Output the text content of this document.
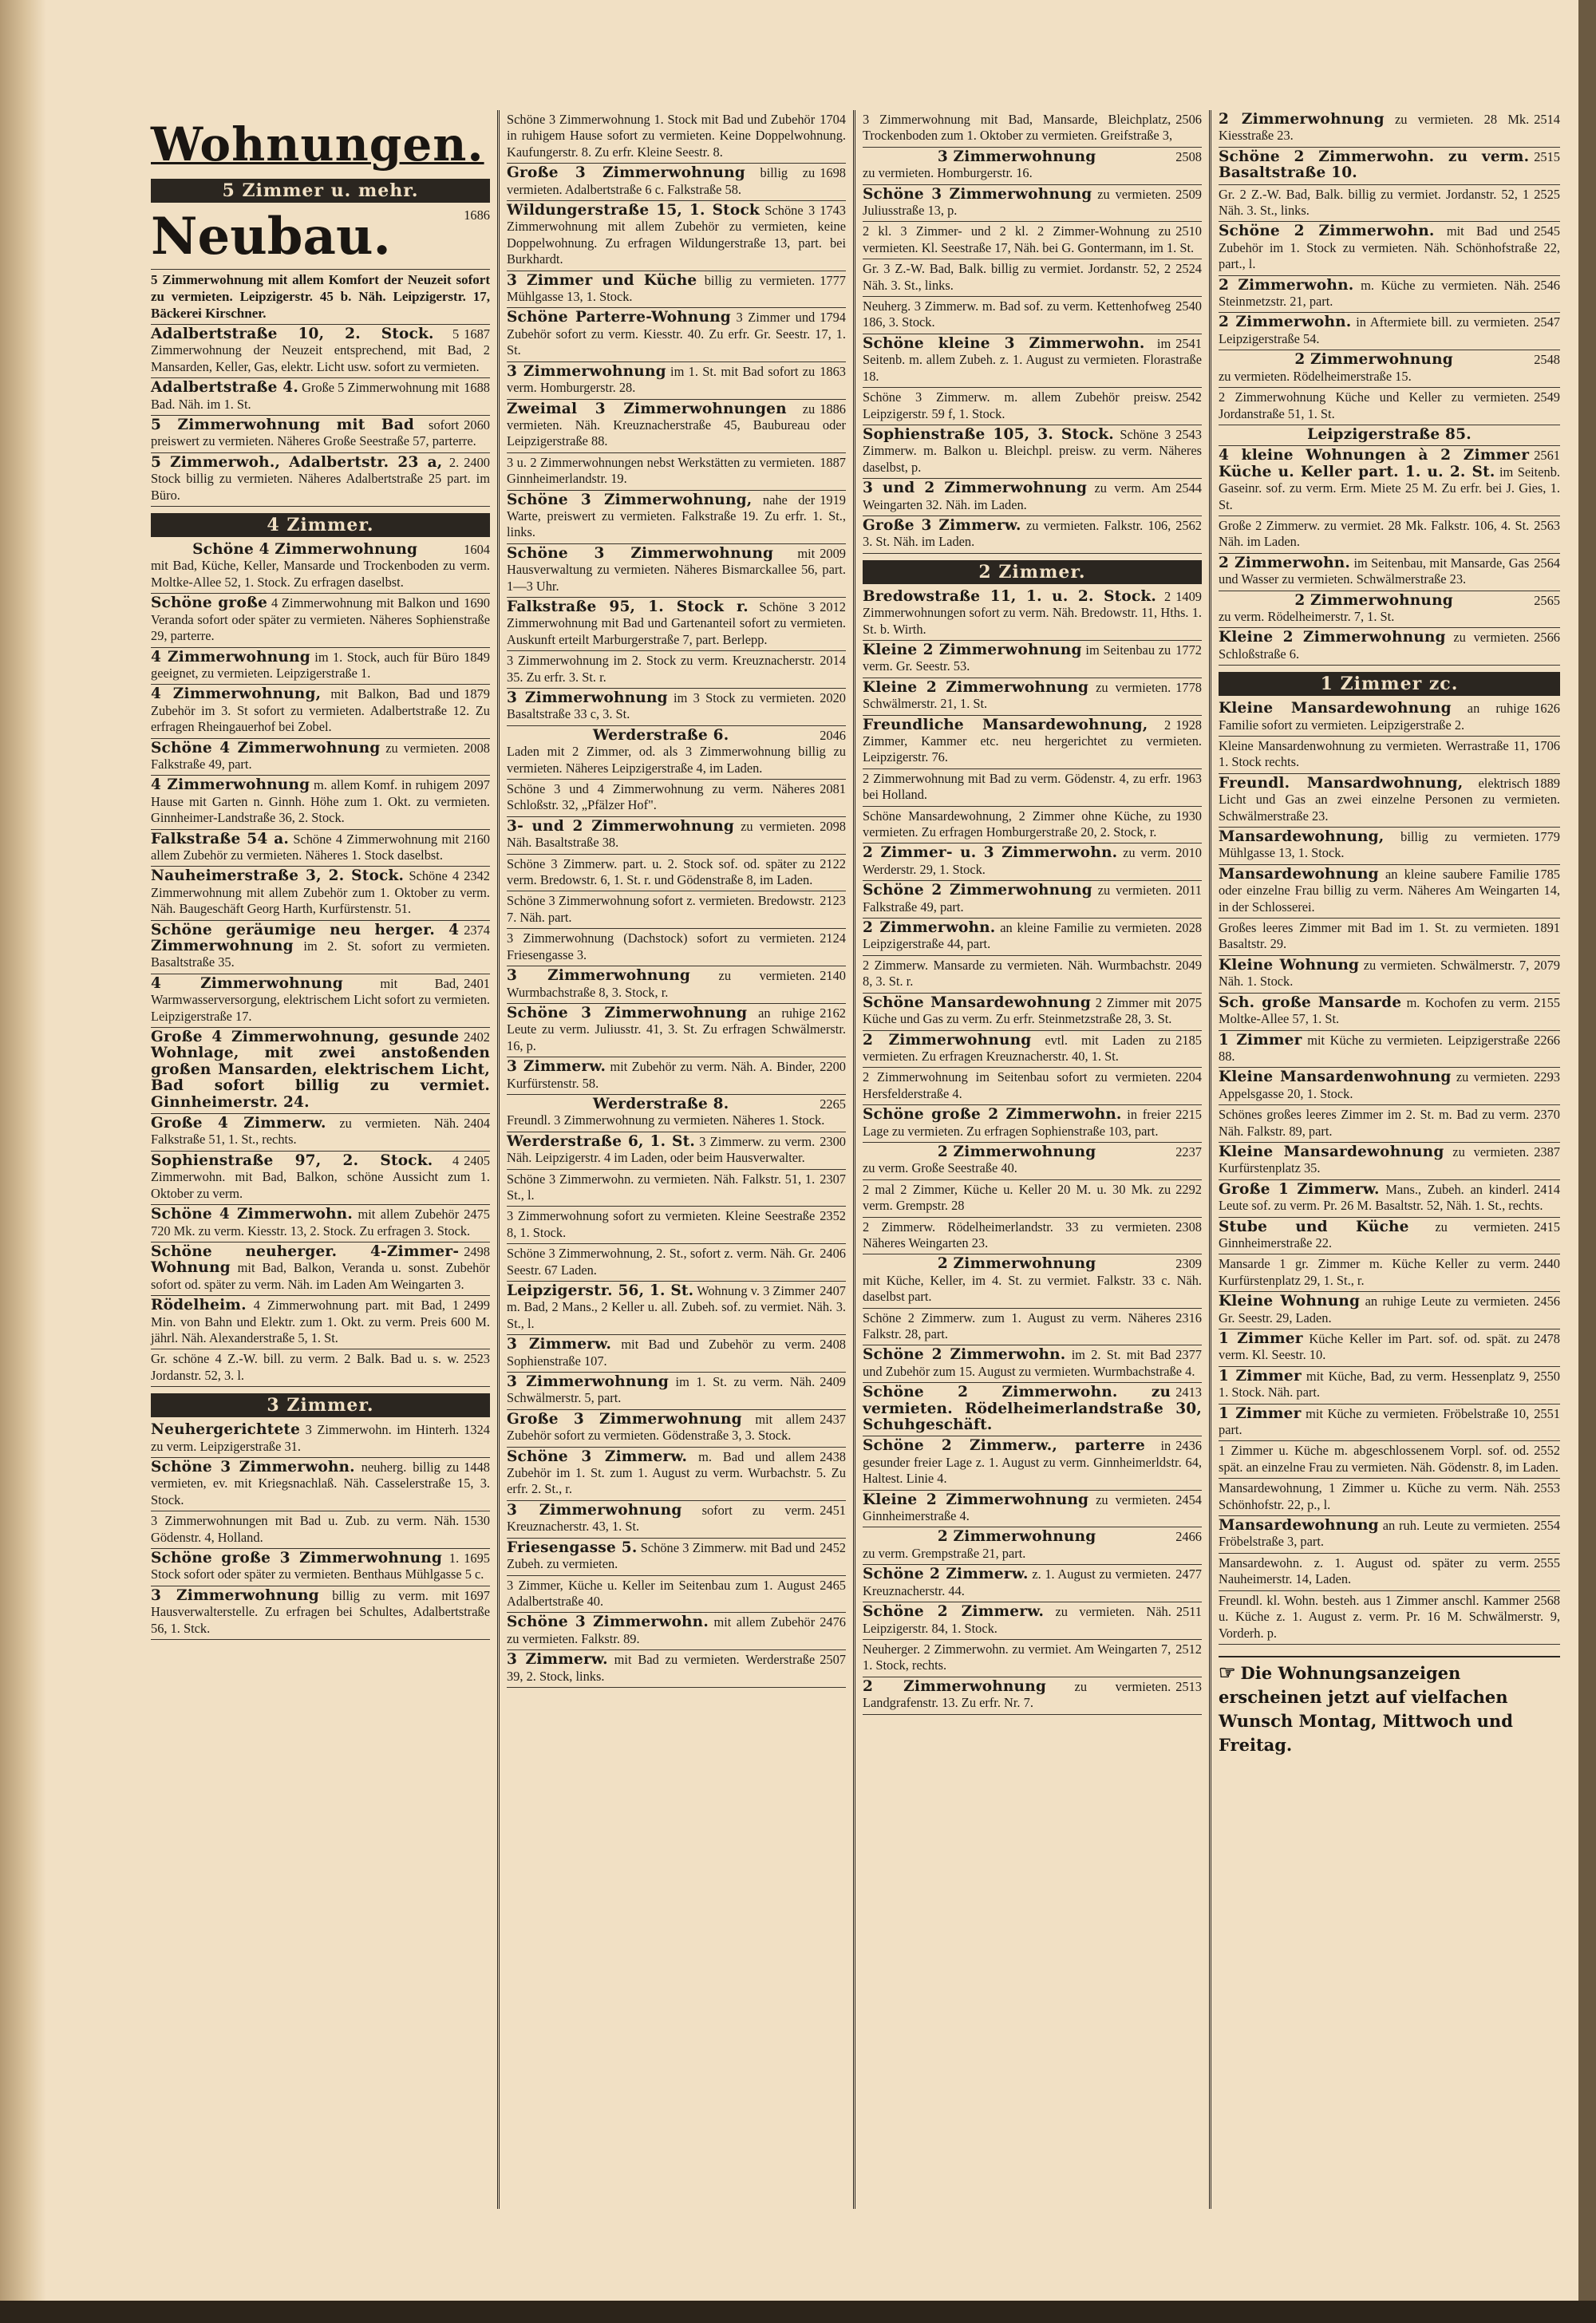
Wohnungen.
5 Zimmer u. mehr.
1686
Neubau.
5 Zimmerwohnung mit allem Komfort der Neuzeit sofort zu vermieten. Leipzigerstr. 45 b. Näh. Leipzigerstr. 17, Bäckerei Kirschner.
1687
Adalbertstraße 10, 2. Stock. 5 Zimmerwohnung der Neuzeit entsprechend, mit Bad, 2 Mansarden, Keller, Gas, elektr. Licht usw. sofort zu vermieten.
1688
Adalbertstraße 4. Große 5 Zimmerwohnung mit Bad. Näh. im 1. St.
2060
5 Zimmerwohnung mit Bad sofort preiswert zu vermieten. Näheres Große Seestraße 57, parterre.
2400
5 Zimmerwoh., Adalbertstr. 23 a, 2. Stock billig zu vermieten. Näheres Adalbertstraße 25 part. im Büro.
4 Zimmer.
1604
Schöne 4 Zimmerwohnung
mit Bad, Küche, Keller, Mansarde und Trockenboden zu verm. Moltke-Allee 52, 1. Stock. Zu erfragen daselbst.
1690
Schöne große 4 Zimmerwohnung mit Balkon und Veranda sofort oder später zu vermieten. Näheres Sophienstraße 29, parterre.
1849
4 Zimmerwohnung im 1. Stock, auch für Büro geeignet, zu vermieten. Leipzigerstraße 1.
1879
4 Zimmerwohnung, mit Balkon, Bad und Zubehör im 3. St sofort zu vermieten. Adalbertstraße 12. Zu erfragen Rheingauerhof bei Zobel.
2008
Schöne 4 Zimmerwohnung zu vermieten. Falkstraße 49, part.
2097
4 Zimmerwohnung m. allem Komf. in ruhigem Hause mit Garten n. Ginnh. Höhe zum 1. Okt. zu vermieten. Ginnheimer-Landstraße 36, 2. Stock.
2160
Falkstraße 54 a. Schöne 4 Zimmerwohnung mit allem Zubehör zu vermieten. Näheres 1. Stock daselbst.
2342
Nauheimerstraße 3, 2. Stock. Schöne 4 Zimmerwohnung mit allem Zubehör zum 1. Oktober zu verm. Näh. Baugeschäft Georg Harth, Kurfürstenstr. 51.
2374
Schöne geräumige neu herger. 4 Zimmerwohnung im 2. St. sofort zu vermieten. Basaltstraße 35.
2401
4 Zimmerwohnung	mit Bad, Warmwasserversorgung, elektrischem Licht sofort zu vermieten. Leipzigerstraße 17.
2402
Große 4 Zimmerwohnung, gesunde Wohnlage, mit zwei anstoßenden großen Mansarden, elektrischem Licht, Bad sofort billig zu vermiet. Ginnheimerstr. 24.
2404
Große 4 Zimmerw. zu vermieten. Näh. Falkstraße 51, 1. St., rechts.
2405
Sophienstraße 97, 2. Stock. 4 Zimmerwohn. mit Bad, Balkon, schöne Aussicht zum 1. Oktober zu verm.
2475
Schöne 4 Zimmerwohn. mit allem Zubehör 720 Mk. zu verm. Kiesstr. 13, 2. Stock. Zu erfragen 3. Stock.
2498
Schöne neuherger. 4-Zimmer-Wohnung mit Bad, Balkon, Veranda u. sonst. Zubehör sofort od. später zu verm. Näh. im Laden Am Weingarten 3.
2499
Rödelheim. 4 Zimmerwohnung part. mit Bad, 1 Min. von Bahn und Elektr. zum 1. Okt. zu verm. Preis 600 M. jährl. Näh. Alexanderstraße 5, 1. St.
2523
Gr. schöne 4 Z.-W. bill. zu verm. 2 Balk. Bad u. s. w. Jordanstr. 52, 3. l.
3 Zimmer.
1324
Neuhergerichtete 3 Zimmerwohn. im Hinterh. zu verm. Leipzigerstraße 31.
1448
Schöne 3 Zimmerwohn. neuherg. billig zu vermieten, ev. mit Kriegsnachlaß. Näh. Casselerstraße 15, 3. Stock.
1530
3 Zimmerwohnungen mit Bad u. Zub. zu verm. Näh. Gödenstr. 4, Holland.
1695
Schöne große 3 Zimmerwohnung 1. Stock sofort oder später zu vermieten. Benthaus Mühlgasse 5 c.
1697
3 Zimmerwohnung billig zu verm. mit Hausverwalterstelle. Zu erfragen bei Schultes, Adalbertstraße 56, 1. Stck.
1704
Schöne 3 Zimmerwohnung 1. Stock mit Bad und Zubehör in ruhigem Hause sofort zu vermieten. Keine Doppelwohnung. Kaufungerstr. 8. Zu erfr. Kleine Seestr. 8.
1698
Große 3 Zimmerwohnung billig zu vermieten. Adalbertstraße 6 c. Falkstraße 58.
1743
Wildungerstraße 15, 1. Stock Schöne 3 Zimmerwohnung mit allem Zubehör zu vermieten, keine Doppelwohnung. Zu erfragen Wildungerstraße 13, part. bei Burkhardt.
1777
3 Zimmer und Küche billig zu vermieten. Mühlgasse 13, 1. Stock.
1794
Schöne Parterre-Wohnung 3 Zimmer und Zubehör sofort zu verm. Kiesstr. 40. Zu erfr. Gr. Seestr. 17, 1. St.
1863
3 Zimmerwohnung im 1. St. mit Bad sofort zu verm. Homburgerstr. 28.
1886
Zweimal 3 Zimmerwohnungen zu vermieten. Näh. Kreuznacherstraße 45, Baubureau oder Leipzigerstraße 88.
1887
3 u. 2 Zimmerwohnungen nebst Werkstätten zu vermieten. Ginnheimerlandstr. 19.
1919
Schöne 3 Zimmerwohnung, nahe der Warte, preiswert zu vermieten. Falkstraße 19. Zu erfr. 1. St., links.
2009
Schöne 3 Zimmerwohnung mit Hausverwaltung zu vermieten. Näheres Bismarckallee 56, part. 1—3 Uhr.
2012
Falkstraße 95, 1. Stock r. Schöne 3 Zimmerwohnung mit Bad und Gartenanteil sofort zu vermieten. Auskunft erteilt Marburgerstraße 7, part. Berlepp.
2014
3 Zimmerwohnung im 2. Stock zu verm. Kreuznacherstr. 35. Zu erfr. 3. St. r.
2020
3 Zimmerwohnung im 3 Stock zu vermieten. Basaltstraße 33 c, 3. St.
2046
Werderstraße 6.
Laden mit 2 Zimmer, od. als 3 Zimmerwohnung billig zu vermieten. Näheres Leipzigerstraße 4, im Laden.
2081
Schöne 3 und 4 Zimmerwohnung zu verm. Näheres Schloßstr. 32, „Pfälzer Hof".
2098
3- und 2 Zimmerwohnung zu vermieten. Näh. Basaltstraße 38.
2122
Schöne 3 Zimmerw. part. u. 2. Stock sof. od. später zu verm. Bredowstr. 6, 1. St. r. und Gödenstraße 8, im Laden.
2123
Schöne 3 Zimmerwohnung sofort z. vermieten. Bredowstr. 7. Näh. part.
2124
3 Zimmerwohnung (Dachstock) sofort zu vermieten. Friesengasse 3.
2140
3 Zimmerwohnung zu vermieten. Wurmbachstraße 8, 3. Stock, r.
2162
Schöne 3 Zimmerwohnung an ruhige Leute zu verm. Juliusstr. 41, 3. St. Zu erfragen Schwälmerstr. 16, p.
2200
3 Zimmerw. mit Zubehör zu verm. Näh. A. Binder, Kurfürstenstr. 58.
2265
Werderstraße 8.
Freundl. 3 Zimmerwohnung zu vermieten. Näheres 1. Stock.
2300
Werderstraße 6, 1. St. 3 Zimmerw. zu verm. Näh. Leipzigerstr. 4 im Laden, oder beim Hausverwalter.
2307
Schöne 3 Zimmerwohn. zu vermieten. Näh. Falkstr. 51, 1. St., l.
2352
3 Zimmerwohnung sofort zu vermieten. Kleine Seestraße 8, 1. Stock.
2406
Schöne 3 Zimmerwohnung, 2. St., sofort z. verm. Näh. Gr. Seestr. 67 Laden.
2407
Leipzigerstr. 56, 1. St. Wohnung v. 3 Zimmer m. Bad, 2 Mans., 2 Keller u. all. Zubeh. sof. zu vermiet. Näh. 3. St., l.
2408
3 Zimmerw. mit Bad und Zubehör zu verm. Sophienstraße 107.
2409
3 Zimmerwohnung im 1. St. zu verm. Näh. Schwälmerstr. 5, part.
2437
Große 3 Zimmerwohnung mit allem Zubehör sofort zu vermieten. Gödenstraße 3, 3. Stock.
2438
Schöne 3 Zimmerw. m. Bad und allem Zubehör im 1. St. zum 1. August zu verm. Wurbachstr. 5. Zu erfr. 2. St., r.
2451
3 Zimmerwohnung sofort zu verm. Kreuznacherstr. 43, 1. St.
2452
Friesengasse 5. Schöne 3 Zimmerw. mit Bad und Zubeh. zu vermieten.
2465
3 Zimmer, Küche u. Keller im Seitenbau zum 1. August Adalbertstraße 40.
2476
Schöne 3 Zimmerwohn. mit allem Zubehör zu vermieten. Falkstr. 89.
2507
3 Zimmerw. mit Bad zu vermieten. Werderstraße 39, 2. Stock, links.
2506
3 Zimmerwohnung mit Bad, Mansarde, Bleichplatz, Trockenboden zum 1. Oktober zu vermieten. Greifstraße 3,
2508
3 Zimmerwohnung
zu vermieten. Homburgerstr. 16.
2509
Schöne 3 Zimmerwohnung zu vermieten. Juliusstraße 13, p.
2510
2 kl. 3 Zimmer- und 2 kl. 2 Zimmer-Wohnung zu vermieten. Kl. Seestraße 17, Näh. bei G. Gontermann, im 1. St.
2524
Gr. 3 Z.-W. Bad, Balk. billig zu vermiet. Jordanstr. 52, 2 Näh. 3. St., links.
2540
Neuherg. 3 Zimmerw. m. Bad sof. zu verm. Kettenhofweg 186, 3. Stock.
2541
Schöne kleine 3 Zimmerwohn. im Seitenb. m. allem Zubeh. z. 1. August zu vermieten. Florastraße 18.
2542
Schöne 3 Zimmerw. m. allem Zubehör preisw. Leipzigerstr. 59 f, 1. Stock.
2543
Sophienstraße 105, 3. Stock. Schöne 3 Zimmerw. m. Balkon u. Bleichpl. preisw. zu verm. Näheres daselbst, p.
2544
3 und 2 Zimmerwohnung zu verm. Am Weingarten 32. Näh. im Laden.
2562
Große 3 Zimmerw. zu vermieten. Falkstr. 106, 3. St. Näh. im Laden.
2 Zimmer.
1409
Bredowstraße 11, 1. u. 2. Stock. 2 Zimmerwohnungen sofort zu verm. Näh. Bredowstr. 11, Hths. 1. St. b. Wirth.
1772
Kleine 2 Zimmerwohnung im Seitenbau zu verm. Gr. Seestr. 53.
1778
Kleine 2 Zimmerwohnung zu vermieten. Schwälmerstr. 21, 1. St.
1928
Freundliche Mansardewohnung, 2 Zimmer, Kammer etc. neu hergerichtet zu vermieten. Leipzigerstr. 76.
1963
2 Zimmerwohnung mit Bad zu verm. Gödenstr. 4, zu erfr. bei Holland.
1930
Schöne Mansardewohnung, 2 Zimmer ohne Küche, zu vermieten. Zu erfragen Homburgerstraße 20, 2. Stock, r.
2010
2 Zimmer- u. 3 Zimmerwohn. zu verm. Werderstr. 29, 1. Stock.
2011
Schöne 2 Zimmerwohnung zu vermieten. Falkstraße 49, part.
2028
2 Zimmerwohn. an kleine Familie zu vermieten. Leipzigerstraße 44, part.
2049
2 Zimmerw. Mansarde zu vermieten. Näh. Wurmbachstr. 8, 3. St. r.
2075
Schöne Mansardewohnung 2 Zimmer mit Küche und Gas zu verm. Zu erfr. Steinmetzstraße 28, 3. St.
2185
2 Zimmerwohnung evtl. mit Laden zu vermieten. Zu erfragen Kreuznacherstr. 40, 1. St.
2204
2 Zimmerwohnung im Seitenbau sofort zu vermieten. Hersfelderstraße 4.
2215
Schöne große 2 Zimmerwohn. in freier Lage zu vermieten. Zu erfragen Sophienstraße 103, part.
2237
2 Zimmerwohnung
zu verm. Große Seestraße 40.
2292
2 mal 2 Zimmer, Küche u. Keller 20 M. u. 30 Mk. zu verm. Grempstr. 28
2308
2 Zimmerw. Rödelheimerlandstr. 33 zu vermieten. Näheres Weingarten 23.
2309
2 Zimmerwohnung
mit Küche, Keller, im 4. St. zu vermiet. Falkstr. 33 c. Näh. daselbst part.
2316
Schöne 2 Zimmerw. zum 1. August zu verm. Näheres Falkstr. 28, part.
2377
Schöne 2 Zimmerwohn. im 2. St. mit Bad und Zubehör zum 15. August zu vermieten. Wurmbachstraße 4.
2413
Schöne 2 Zimmerwohn. zu vermieten. Rödelheimerlandstraße 30, Schuhgeschäft.
2436
Schöne 2 Zimmerw., parterre in gesunder freier Lage z. 1. August zu verm. Ginnheimerldstr. 64, Haltest. Linie 4.
2454
Kleine 2 Zimmerwohnung zu vermieten. Ginnheimerstraße 4.
2466
2 Zimmerwohnung
zu verm. Grempstraße 21, part.
2477
Schöne 2 Zimmerw. z. 1. August zu vermieten. Kreuznacherstr. 44.
2511
Schöne 2 Zimmerw. zu vermieten. Näh. Leipzigerstr. 84, 1. Stock.
2512
Neuherger. 2 Zimmerwohn. zu vermiet. Am Weingarten 7, 1. Stock, rechts.
2513
2 Zimmerwohnung zu vermieten. Landgrafenstr. 13. Zu erfr. Nr. 7.
2514
2 Zimmerwohnung zu vermieten. 28 Mk. Kiesstraße 23.
2515
Schöne 2 Zimmerwohn. zu verm. Basaltstraße 10.
2525
Gr. 2 Z.-W. Bad, Balk. billig zu vermiet. Jordanstr. 52, 1 Näh. 3. St., links.
2545
Schöne 2 Zimmerwohn. mit Bad und Zubehör im 1. Stock zu vermieten. Näh. Schönhofstraße 22, part., l.
2546
2 Zimmerwohn. m. Küche zu vermieten. Näh. Steinmetzstr. 21, part.
2547
2 Zimmerwohn. in Aftermiete bill. zu vermieten. Leipzigerstraße 54.
2548
2 Zimmerwohnung
zu vermieten. Rödelheimerstraße 15.
2549
2 Zimmerwohnung Küche und Keller zu vermieten. Jordanstraße 51, 1. St.
Leipzigerstraße 85.
2561
4 kleine Wohnungen à 2 Zimmer Küche u. Keller part. 1. u. 2. St. im Seitenb. Gaseinr. sof. zu verm. Erm. Miete 25 M. Zu erfr. bei J. Gies, 1. St.
2563
Große 2 Zimmerw. zu vermiet. 28 Mk. Falkstr. 106, 4. St. Näh. im Laden.
2564
2 Zimmerwohn. im Seitenbau, mit Mansarde, Gas und Wasser zu vermieten. Schwälmerstraße 23.
2565
2 Zimmerwohnung
zu verm. Rödelheimerstr. 7, 1. St.
2566
Kleine 2 Zimmerwohnung zu vermieten. Schloßstraße 6.
1 Zimmer zc.
1626
Kleine Mansardewohnung an ruhige Familie sofort zu vermieten. Leipzigerstraße 2.
1706
Kleine Mansardenwohnung zu vermieten. Werrastraße 11, 1. Stock rechts.
1889
Freundl. Mansardwohnung, elektrisch Licht und Gas an zwei einzelne Personen zu vermieten. Schwälmerstraße 23.
1779
Mansardewohnung, billig zu vermieten. Mühlgasse 13, 1. Stock.
1785
Mansardewohnung an kleine saubere Familie oder einzelne Frau billig zu verm. Näheres Am Weingarten 14, in der Schlosserei.
1891
Großes leeres Zimmer mit Bad im 1. St. zu vermieten. Basaltstr. 29.
2079
Kleine Wohnung zu vermieten. Schwälmerstr. 7, Näh. 1. Stock.
2155
Sch. große Mansarde m. Kochofen zu verm. Moltke-Allee 57, 1. St.
2266
1 Zimmer mit Küche zu vermieten. Leipzigerstraße 88.
2293
Kleine Mansardenwohnung zu vermieten. Appelsgasse 20, 1. Stock.
2370
Schönes großes leeres Zimmer im 2. St. m. Bad zu verm. Näh. Falkstr. 89, part.
2387
Kleine Mansardewohnung zu vermieten. Kurfürstenplatz 35.
2414
Große 1 Zimmerw. Mans., Zubeh. an kinderl. Leute sof. zu verm. Pr. 26 M. Basaltstr. 52, Näh. 1. St., rechts.
2415
Stube und Küche zu vermieten. Ginnheimerstraße 22.
2440
Mansarde 1 gr. Zimmer m. Küche Keller zu verm. Kurfürstenplatz 29, 1. St., r.
2456
Kleine Wohnung an ruhige Leute zu vermieten. Gr. Seestr. 29, Laden.
2478
1 Zimmer Küche Keller im Part. sof. od. spät. zu verm. Kl. Seestr. 10.
2550
1 Zimmer mit Küche, Bad, zu verm. Hessenplatz 9, 1. Stock. Näh. part.
2551
1 Zimmer mit Küche zu vermieten. Fröbelstraße 10, part.
2552
1 Zimmer u. Küche m. abgeschlossenem Vorpl. sof. od. spät. an einzelne Frau zu vermieten. Näh. Gödenstr. 8, im Laden.
2553
Mansardewohnung, 1 Zimmer u. Küche zu verm. Näh. Schönhofstr. 22, p., l.
2554
Mansardewohnung an ruh. Leute zu vermieten. Fröbelstraße 3, part.
2555
Mansardewohn. z. 1. August od. später zu verm. Nauheimerstr. 14, Laden.
2568
Freundl. kl. Wohn. besteh. aus 1 Zimmer anschl. Kammer u. Küche z. 1. August z. verm. Pr. 16 M. Schwälmerstr. 9, Vorderh. p.
☞ Die Wohnungsanzeigen erscheinen jetzt auf vielfachen Wunsch Montag, Mittwoch und Freitag.
